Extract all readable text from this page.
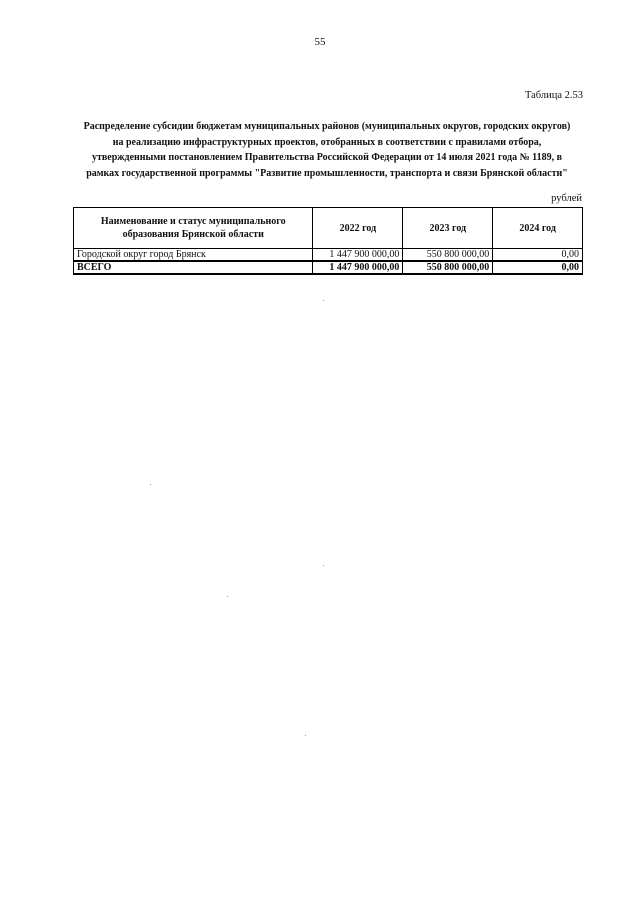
55
Таблица 2.53
Распределение субсидии бюджетам муниципальных районов (муниципальных округов, городских округов)
на реализацию инфраструктурных проектов, отобранных в соответствии с правилами отбора,
утвержденными постановлением Правительства Российской Федерации от 14 июля 2021 года № 1189, в
рамках государственной программы "Развитие промышленности, транспорта и связи Брянской области"
рублей
Наименование и статус муниципального
образования Брянской области	2022 год	2023 год	2024 год
Городской округ город Брянск	1 447 900 000,00	550 800 000,00	0,00
ВСЕГО	1 447 900 000,00	550 800 000,00	0,00
